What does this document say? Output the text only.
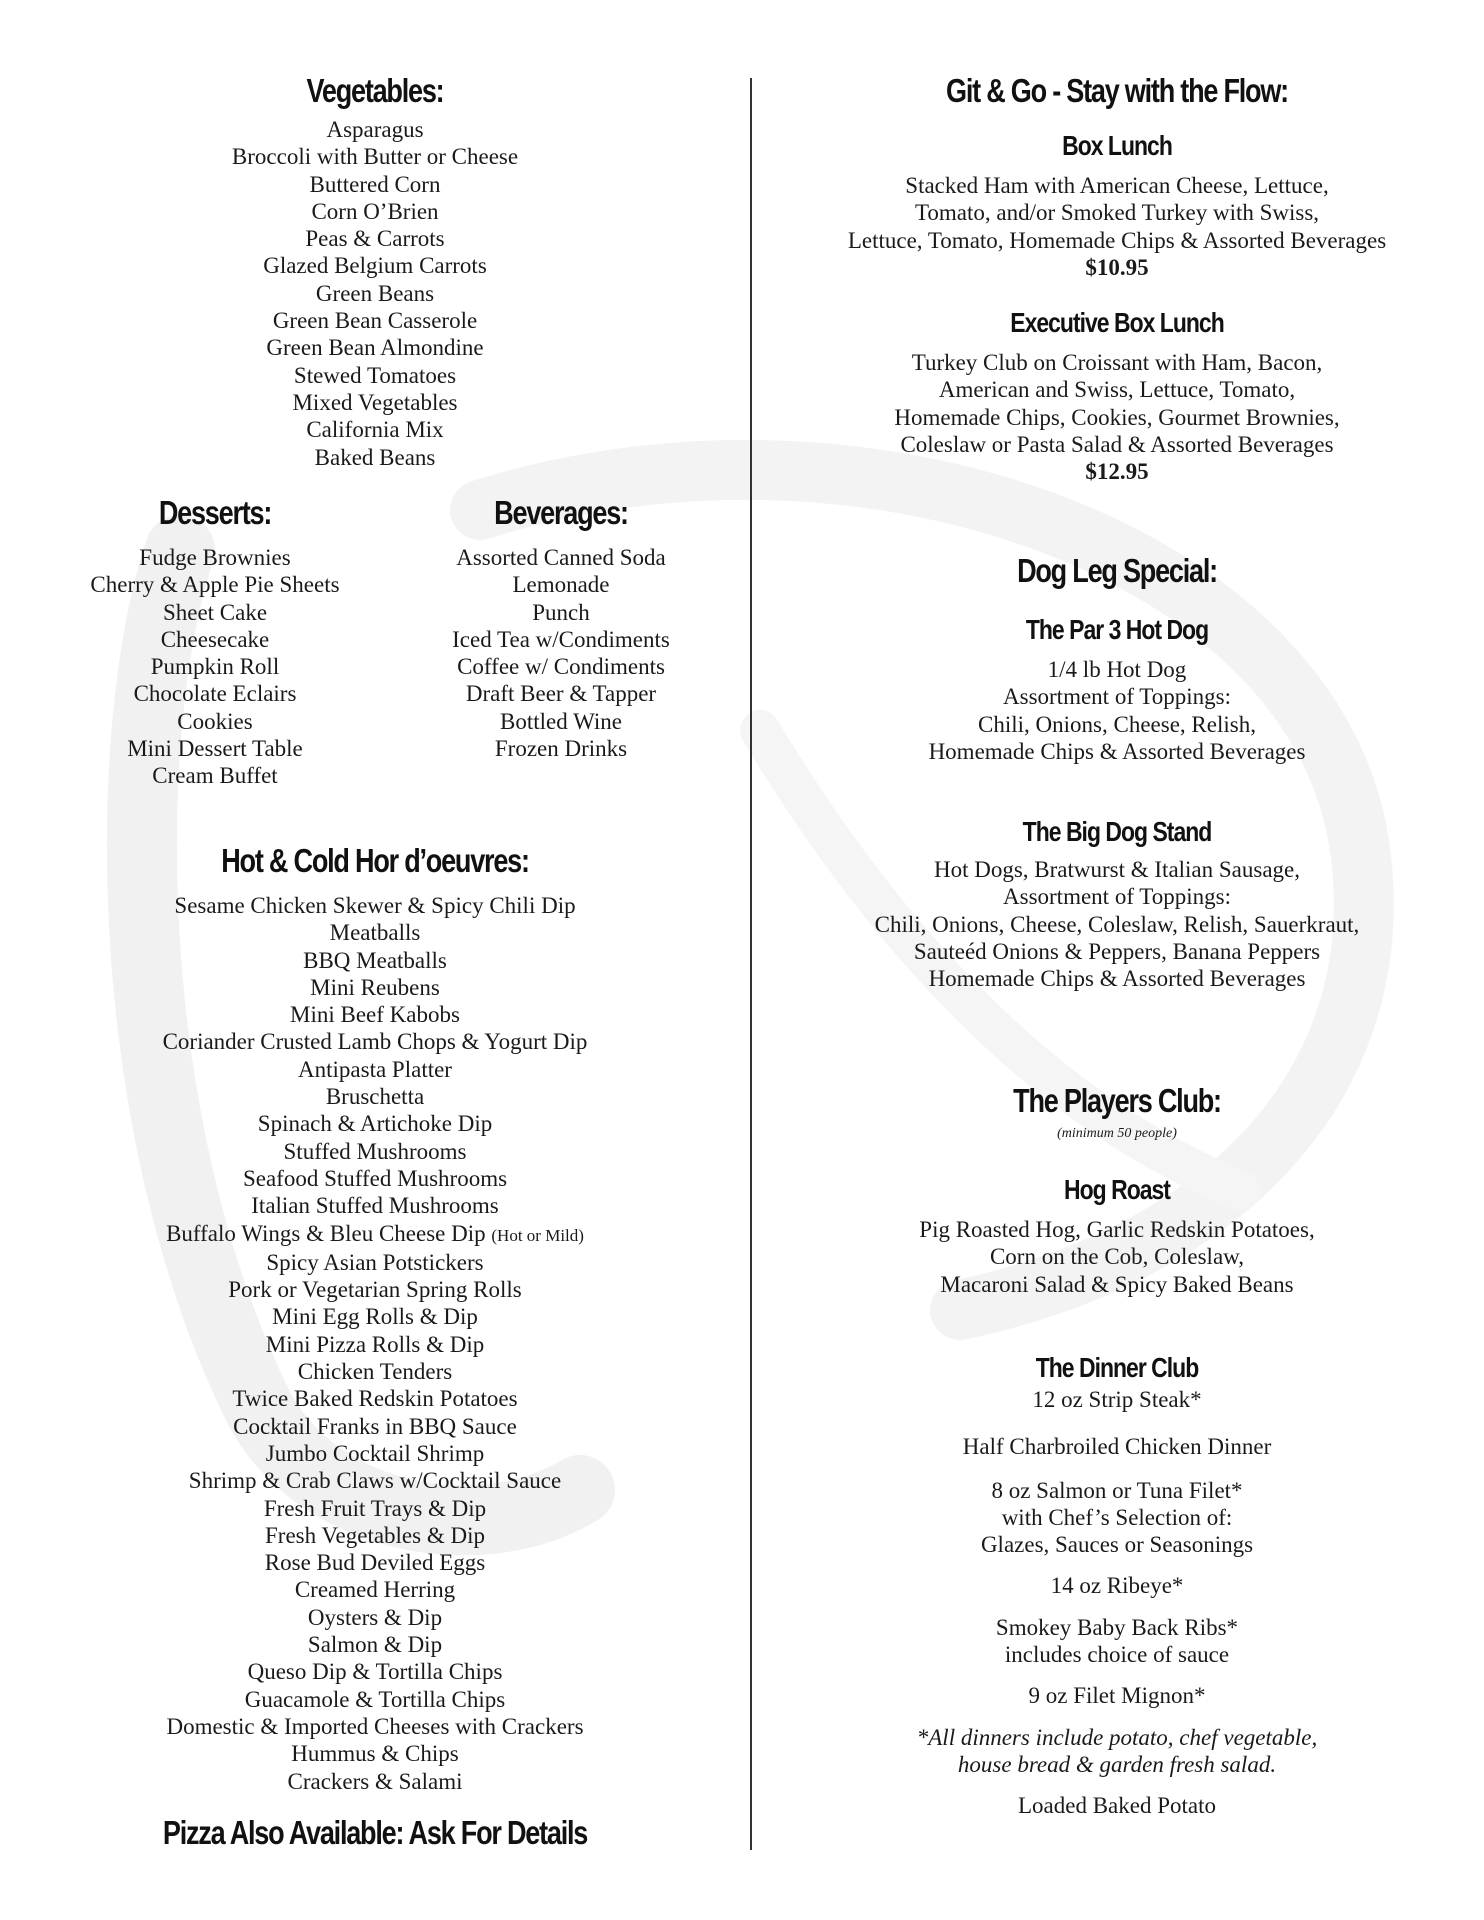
Vegetables:
Asparagus
Broccoli with Butter or Cheese
Buttered Corn
Corn O’Brien
Peas & Carrots
Glazed Belgium Carrots
Green Beans
Green Bean Casserole
Green Bean Almondine
Stewed Tomatoes
Mixed Vegetables
California Mix
Baked Beans
Desserts:
Fudge Brownies
Cherry & Apple Pie Sheets
Sheet Cake
Cheesecake
Pumpkin Roll
Chocolate Eclairs
Cookies
Mini Dessert Table
Cream Buffet
Beverages:
Assorted Canned Soda
Lemonade
Punch
Iced Tea w/Condiments
Coffee w/ Condiments
Draft Beer & Tapper
Bottled Wine
Frozen Drinks
Hot & Cold Hor d’oeuvres:
Sesame Chicken Skewer & Spicy Chili Dip
Meatballs
BBQ Meatballs
Mini Reubens
Mini Beef Kabobs
Coriander Crusted Lamb Chops & Yogurt Dip
Antipasta Platter
Bruschetta
Spinach & Artichoke Dip
Stuffed Mushrooms
Seafood Stuffed Mushrooms
Italian Stuffed Mushrooms
Buffalo Wings & Bleu Cheese Dip (Hot or Mild)
Spicy Asian Potstickers
Pork or Vegetarian Spring Rolls
Mini Egg Rolls & Dip
Mini Pizza Rolls & Dip
Chicken Tenders
Twice Baked Redskin Potatoes
Cocktail Franks in BBQ Sauce
Jumbo Cocktail Shrimp
Shrimp & Crab Claws w/Cocktail Sauce
Fresh Fruit Trays & Dip
Fresh Vegetables & Dip
Rose Bud Deviled Eggs
Creamed Herring
Oysters & Dip
Salmon & Dip
Queso Dip & Tortilla Chips
Guacamole & Tortilla Chips
Domestic & Imported Cheeses with Crackers
Hummus & Chips
Crackers & Salami
Pizza Also Available: Ask For Details
Git & Go - Stay with the Flow:
Box Lunch

Stacked Ham with American Cheese, Lettuce,

Tomato, and/or Smoked Turkey with Swiss,

Lettuce, Tomato, Homemade Chips & Assorted Beverages

$10.95

Executive Box Lunch

Turkey Club on Croissant with Ham, Bacon,

American and Swiss, Lettuce, Tomato,

Homemade Chips, Cookies, Gourmet Brownies,

Coleslaw or Pasta Salad & Assorted Beverages

$12.95

Dog Leg Special:
The Par 3 Hot Dog

1/4 lb Hot Dog

Assortment of Toppings:

Chili, Onions, Cheese, Relish,

Homemade Chips & Assorted Beverages

The Big Dog Stand

Hot Dogs, Bratwurst & Italian Sausage,

Assortment of Toppings:

Chili, Onions, Cheese, Coleslaw, Relish, Sauerkraut,

Sauteéd Onions & Peppers, Banana Peppers

Homemade Chips & Assorted Beverages

The Players Club:

(minimum 50 people)

Hog Roast

Pig Roasted Hog, Garlic Redskin Potatoes,

Corn on the Cob, Coleslaw,

Macaroni Salad & Spicy Baked Beans

The Dinner Club

12 oz Strip Steak*

Half Charbroiled Chicken Dinner

8 oz Salmon or Tuna Filet*

with Chef’s Selection of:

Glazes, Sauces or Seasonings

14 oz Ribeye*

Smokey Baby Back Ribs*

includes choice of sauce

9 oz Filet Mignon*

*All dinners include potato, chef vegetable,

house bread & garden fresh salad.

Loaded Baked Potato
